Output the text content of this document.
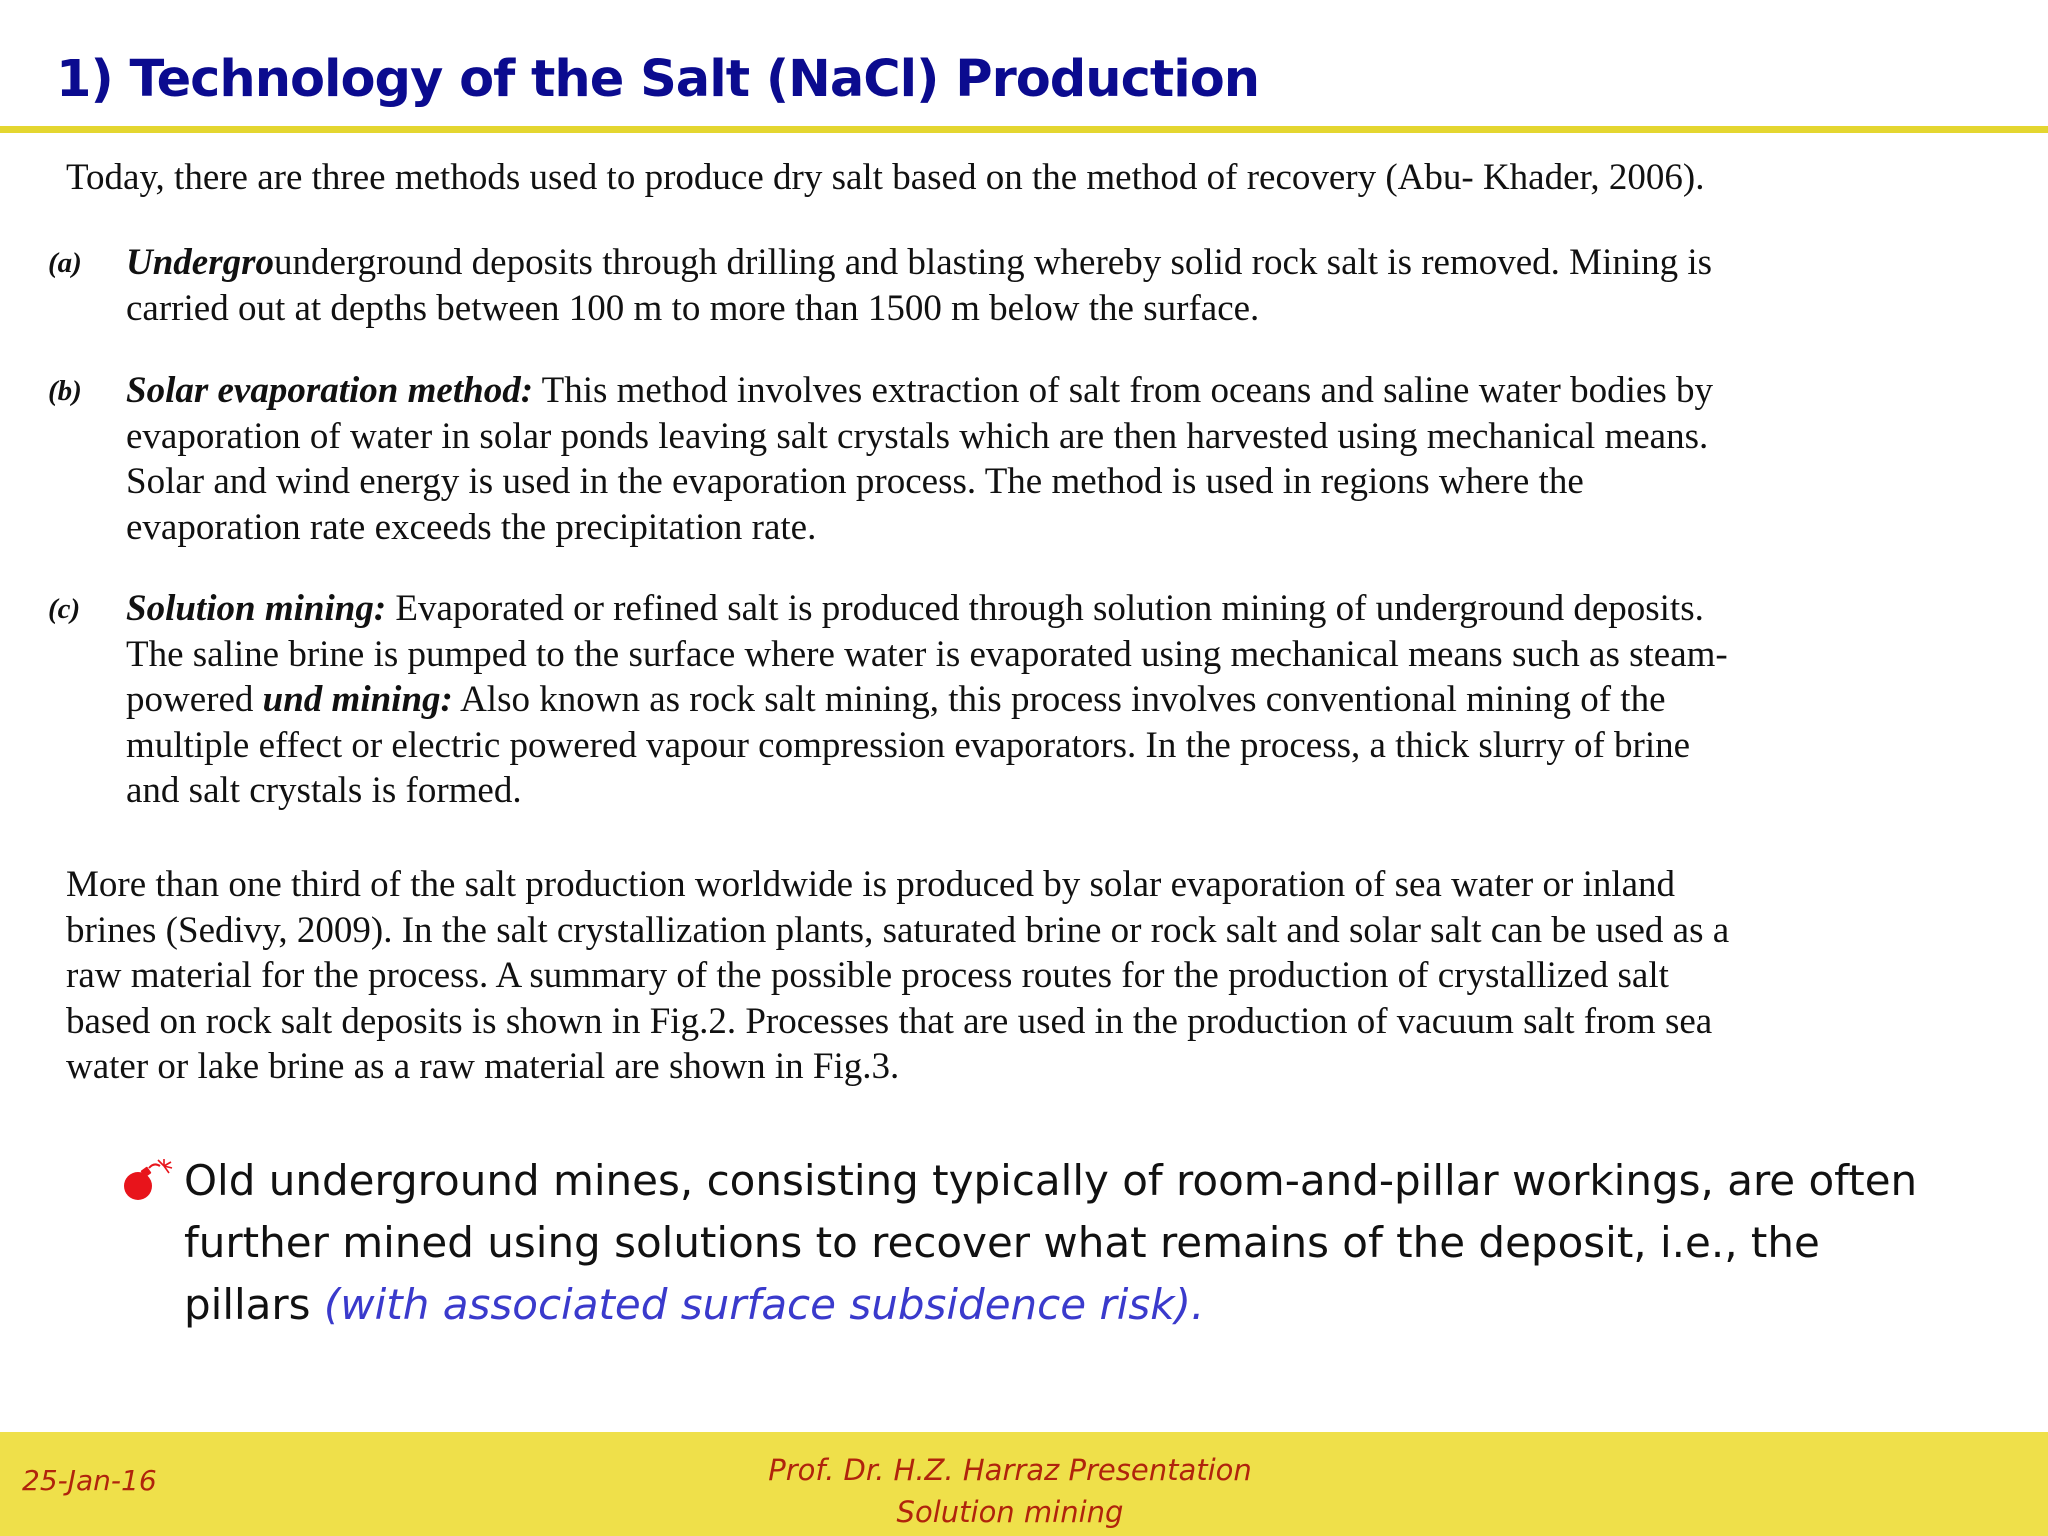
1) Technology of the Salt (NaCl) Production

Today, there are three methods used to produce dry salt based on the method of recovery (Abu- Khader, 2006).

(a) Undergrounderground deposits through drilling and blasting whereby solid rock salt is removed. Mining is
carried out at depths between 100 m to more than 1500 m below the surface.
(b) Solar evaporation method: This method involves extraction of salt from oceans and saline water bodies by
evaporation of water in solar ponds leaving salt crystals which are then harvested using mechanical means.
Solar and wind energy is used in the evaporation process. The method is used in regions where the
evaporation rate exceeds the precipitation rate.
(c) Solution mining: Evaporated or refined salt is produced through solution mining of underground deposits.
The saline brine is pumped to the surface where water is evaporated using mechanical means such as steam-
powered und mining: Also known as rock salt mining, this process involves conventional mining of the
multiple effect or electric powered vapour compression evaporators. In the process, a thick slurry of brine
and salt crystals is formed.
More than one third of the salt production worldwide is produced by solar evaporation of sea water or inland
brines (Sedivy, 2009). In the salt crystallization plants, saturated brine or rock salt and solar salt can be used as a
raw material for the process. A summary of the possible process routes for the production of crystallized salt
based on rock salt deposits is shown in Fig.2. Processes that are used in the production of vacuum salt from sea
water or lake brine as a raw material are shown in Fig.3.
Old underground mines, consisting typically of room-and-pillar workings, are often
further mined using solutions to recover what remains of the deposit, i.e., the
pillars (with associated surface subsidence risk).
25-Jan-16	Prof. Dr. H.Z. Harraz Presentation
Solution mining
